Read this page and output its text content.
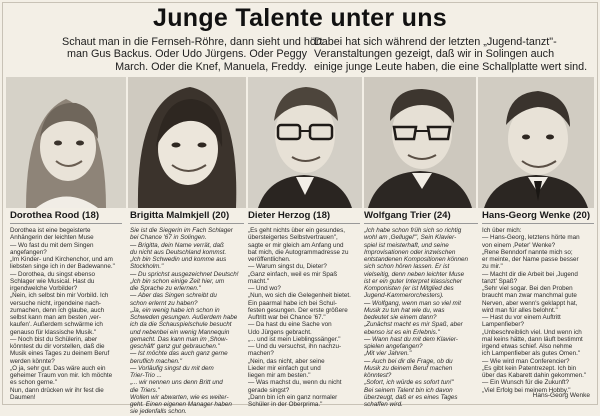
Junge Talente unter uns
Schaut man in die Fernseh-Röhre, dann sieht und hört
man Gus Backus. Oder Udo Jürgens. Oder Peggy
March. Oder die Knef, Manuela, Freddy.
Dabei hat sich während der letzten „Jugend-tanzt"-
Veranstaltungen gezeigt, daß wir in Solingen auch
einige junge Leute haben, die eine Schallplatte wert sind.
Dorothea Rood (18)
Dorothea ist eine begeisterte
Anhängerin der leichten Muse
— Wo fast du mit dem Singen
angefangen?
„Im Kinder- und Kirchenchor, und am
liebsten singe ich in der Badewanne."
— Dorothea, du singst ebenso
Schlager wie Musical. Hast du
irgendwelche Vorbilder?
„Nein, ich selbst bin mir Vorbild. Ich
versuche nicht, irgendeine nach-
zumachen, denn ich glaube, auch
selbst kann man am besten ‚ver-
kaufen'. Außerdem schwärme ich
genauso für klassische Musik."
— Noch bist du Schülerin, aber
könntest du dir vorstellen, daß die
Musik eines Tages zu deinem Beruf
werden könnte?
„O ja, sehr gut. Das wäre auch ein
geheimer Traum von mir. Ich möchte
es schon gerne."
Nun, dann drücken wir ihr fest die
Daumen!
Brigitta Malmkjell (20)
Sie ist die Siegerin im Fach Schlager
bei Chance '67 in Solingen.
— Brigitta, dein Name verrät, daß
du nicht aus Deutschland kommst.
„Ich bin Schwedin und komme aus
Stockholm."
— Du sprichst ausgezeichnet Deutsch!
„Ich bin schon einige Zeit hier, um
die Sprache zu erlernen."
— Aber das Singen schreibt du
schon erlernt zu haben?
„Ja, ein wenig habe ich schon in
Schweden gesungen. Außerdem habe
ich da die Schauspielschule besucht
und nebenbei ein wenig Mannequin
gemacht. Das kann man im ‚Show-
geschäft' ganz gut gebrauchen."
— Ist möchte das auch ganz gerne
beruflich machen."
— Vorläufig singst du mit dem
Trier-Trio ...
„... wir nennen uns denn Britt und
die Triers."
Wollen wir abwarten, wie es weiter-
geht. Einen eigenen Manager haben
sie jedenfalls schon.
Dieter Herzog (18)
„Es geht nichts über ein gesundes,
übersteigertes Selbstvertrauen",
sagte er mir gleich am Anfang und
bat mich, die Autogrammadresse zu
veröffentlichen.
— Warum singst du, Dieter?
„Ganz einfach, weil es mir Spaß
macht."
— Und wo?
„Nun, wo sich die Gelegenheit bietet.
Ein paarmal habe ich bei Schul-
festen gesungen. Der erste größere
Auftritt war bei Chance '67."
— Da hast du eine Sache von
Udo Jürgens gebracht.
„... und ist mein Lieblingssänger."
— Und du versuchst, ihn nachzu-
machen?
„Nein, das nicht, aber seine
Lieder mir einfach gut und
liegen mir am besten."
— Was machst du, wenn du nicht
gerade singst?
„Dann bin ich ein ganz normaler
Schüler in der Oberprima."
Wolfgang Trier (24)
„Ich habe schon früh sich so richtig
wohl am ‚Gellugel'", Sein Klavier-
spiel ist meisterhaft, und seine
Improvisationen oder inzwischen
entstandenen Kompositionen können
sich schon hören lassen. Er ist
vielseitig, denn neben leichter Muse
ist er ein guter Interpret klassischer
Komponisten (er ist Mitglied des
Jugend-Kammerorchesters).
— Wolfgang, wenn man so viel mit
Musik zu tun hat wie du, was
bedeutet sie einem dann?
„Zunächst macht es mir Spaß, aber
ebenso ist es ein Erlebnis."
— Wann hast du mit dem Klavier-
spielen angefangen?
„Mit vier Jahren."
— Auch bei dir die Frage, ob du
Musik zu deinem Beruf machen
könntest?
„Sofort, ich würde es sofort tun!"
Bei seinem Talent bin ich davon
überzeugt, daß er es eines Tages
schaffen wird.
Hans-Georg Wenke (20)
Ich über mich:
— Hans-Georg, letztens hörte man
von einem ‚Peter' Wenke?
„Rene Benndorf nannte mich so;
er meinte, der Name passe besser
zu mir."
— Macht dir die Arbeit bei ‚Jugend
tanzt' Spaß?
„Sehr viel sogar. Bei den Proben
braucht man zwar manchmal gute
Nerven, aber wenn's geklappt hat,
wird man für alles belohnt."
— Hast du vor einem Auftritt
Lampenfieber?
„Unbeschreiblich viel. Und wenn ich
mal keins hätte, dann läuft bestimmt
irgend etwas schief. Also nehme
ich Lampenfieber als gutes Omen."
— Wie wird man Conferencier?
„Es gibt kein Patentrezept. Ich bin
über das Kabarett dahin gekommen."
— Ein Wunsch für die Zukunft?
„Viel Erfolg bei meinem Hobby."
Hans-Georg Wenke
